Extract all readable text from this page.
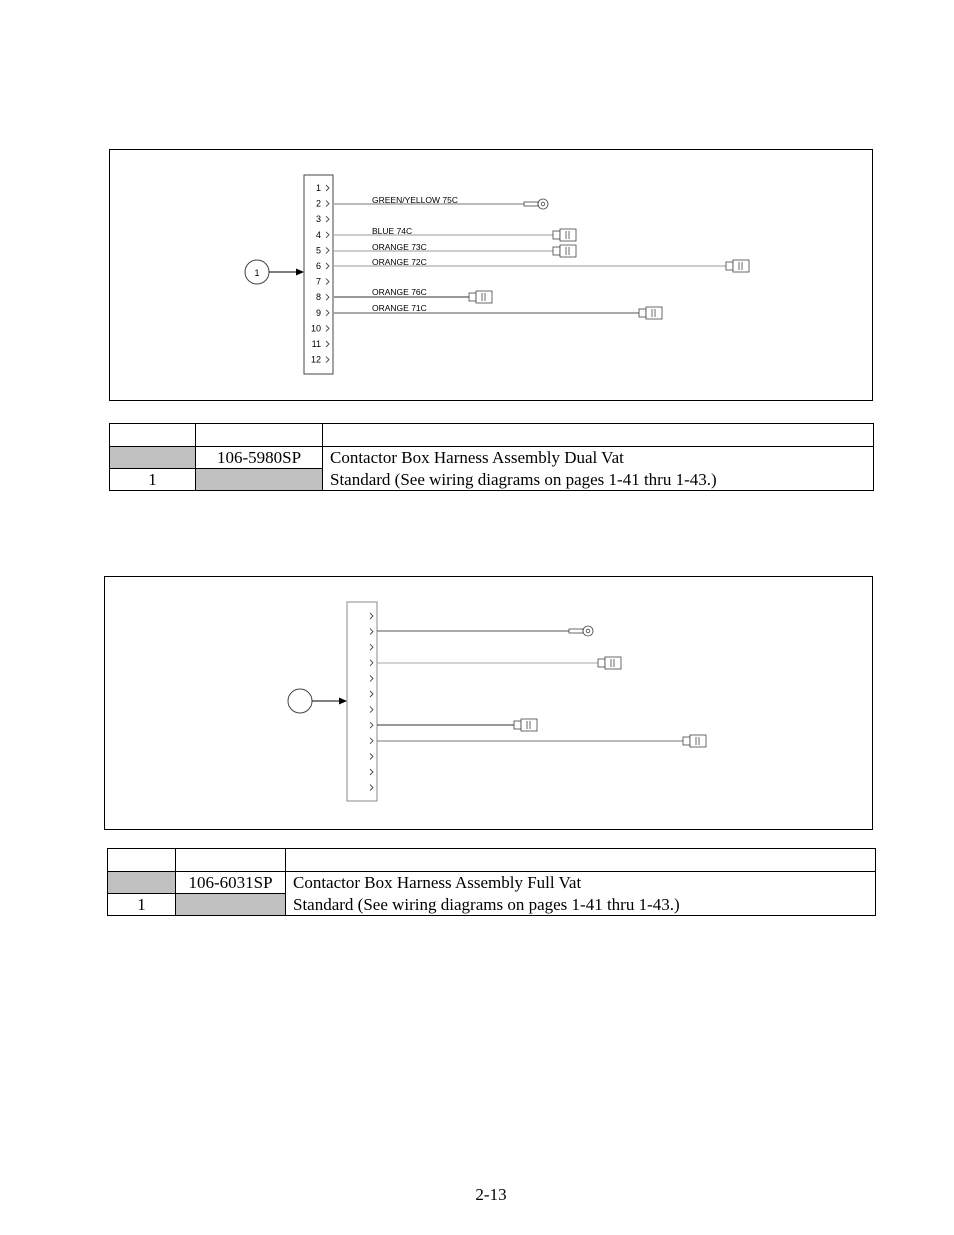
1
2
3
4
5
6
7
8
9
10
11
12
1
GREEN/YELLOW 75C
BLUE 74C
ORANGE 73C
ORANGE 72C
ORANGE 76C
ORANGE 71C

	106-5980SP	Contactor Box Harness Assembly Dual Vat
1		Standard (See wiring diagrams on pages 1-41 thru 1-43.)

	106-6031SP	Contactor Box Harness Assembly Full Vat
1		Standard (See wiring diagrams on pages 1-41 thru 1-43.)
2-13
